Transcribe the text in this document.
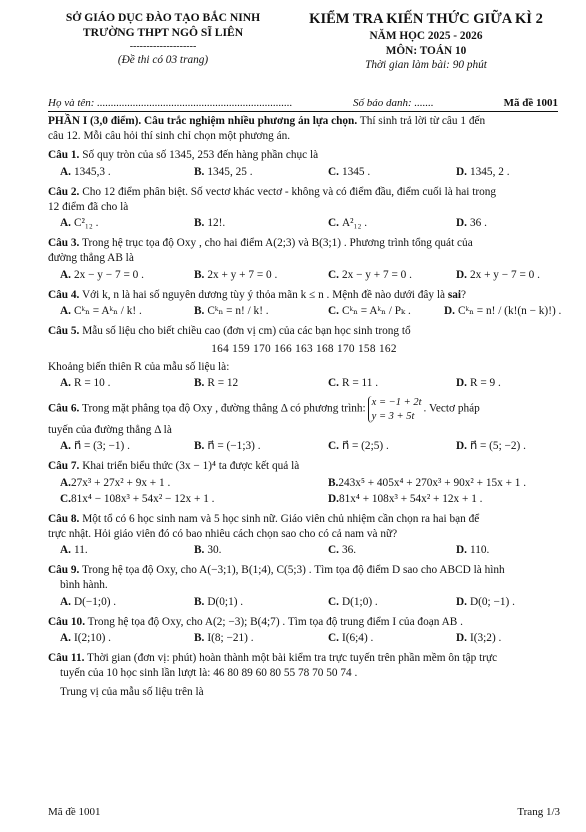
SỞ GIÁO DỤC ĐÀO TẠO BẮC NINH
TRƯỜNG THPT NGÔ SĨ LIÊN
--------------------
(Đề thi có 03 trang)
KIỂM TRA KIẾN THỨC GIỮA KÌ 2
NĂM HỌC 2025 - 2026
MÔN: TOÁN 10
Thời gian làm bài: 90 phút
Họ và tên: .......................................................................	Số báo danh: .......	Mã đề 1001

PHẦN I (3,0 điểm). Câu trắc nghiệm nhiều phương án lựa chọn. Thí sinh trả lời từ câu 1 đến
câu 12. Mỗi câu hỏi thí sinh chỉ chọn một phương án.

Câu 1. Số quy tròn của số 1345, 253 đến hàng phần chục là

A. 1345,3 .	B. 1345, 25 .	C. 1345 .	D. 1345, 2 .

Câu 2. Cho 12 điểm phân biệt. Số vectơ khác vectơ - không và có điểm đầu, điểm cuối là hai trong
12 điểm đã cho là

A. C²₁₂ .	B. 12!.	C. A²₁₂ .	D. 36 .

Câu 3. Trong hệ trục tọa độ Oxy , cho hai điểm A(2;3) và B(3;1) . Phương trình tổng quát của
đường thẳng AB là

A. 2x − y − 7 = 0 .	B. 2x + y + 7 = 0 .	C. 2x − y + 7 = 0 .	D. 2x + y − 7 = 0 .

Câu 4. Với k, n là hai số nguyên dương tùy ý thỏa mãn k ≤ n . Mệnh đề nào dưới đây là sai?

A. Cᵏₙ = Aᵏₙ / k! .	B. Cᵏₙ = n! / k! .	C. Cᵏₙ = Aᵏₙ / Pₖ .	D. Cᵏₙ = n! / (k!(n − k)!) .

Câu 5. Mẫu số liệu cho biết chiều cao (đơn vị cm) của các bạn học sinh trong tổ

164 159 170 166 163 168 170 158 162

Khoảng biến thiên R của mẫu số liệu là:

A. R = 10 .	B. R = 12	C. R = 11 .	D. R = 9 .

Câu 6. Trong mặt phẳng tọa độ Oxy , đường thẳng Δ có phương trình:x = −1 + 2t
y = 3 + 5t. Vectơ pháp
tuyến của đường thẳng Δ là

A. n⃗ = (3; −1) .	B. n⃗ = (−1;3) .	C. n⃗ = (2;5) .	D. n⃗ = (5; −2) .

Câu 7. Khai triển biểu thức (3x − 1)⁴ ta được kết quả là

A.27x³ + 27x² + 9x + 1 .	B.243x⁵ + 405x⁴ + 270x³ + 90x² + 15x + 1 .
C.81x⁴ − 108x³ + 54x² − 12x + 1 .	D.81x⁴ + 108x³ + 54x² + 12x + 1 .

Câu 8. Một tổ có 6 học sinh nam và 5 học sinh nữ. Giáo viên chủ nhiệm cần chọn ra hai bạn để
trực nhật. Hỏi giáo viên đó có bao nhiêu cách chọn sao cho có cả nam và nữ?

A. 11.	B. 30.	C. 36.	D. 110.

Câu 9. Trong hệ tọa độ Oxy, cho A(−3;1), B(1;4), C(5;3) . Tìm tọa độ điểm D sao cho ABCD là hình
bình hành.

A. D(−1;0) .	B. D(0;1) .	C. D(1;0) .	D. D(0; −1) .

Câu 10. Trong hệ tọa độ Oxy, cho A(2; −3); B(4;7) . Tìm tọa độ trung điểm I của đoạn AB .

A. I(2;10) .	B. I(8; −21) .	C. I(6;4) .	D. I(3;2) .

Câu 11. Thời gian (đơn vị: phút) hoàn thành một bài kiểm tra trực tuyến trên phần mềm ôn tập trực
tuyến của 10 học sinh lần lượt là: 46 80 89 60 80 55 78 70 50 74 .

Trung vị của mẫu số liệu trên là

Mã đề 1001	Trang 1/3
